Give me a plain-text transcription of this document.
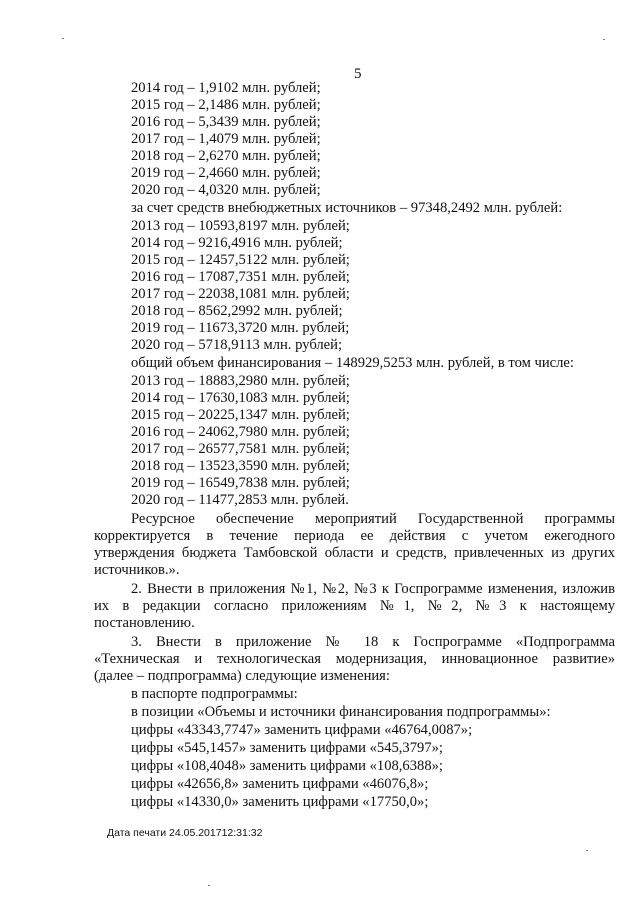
5
2014 год – 1,9102 млн. рублей;
2015 год – 2,1486 млн. рублей;
2016 год – 5,3439 млн. рублей;
2017 год – 1,4079 млн. рублей;
2018 год – 2,6270 млн. рублей;
2019 год – 2,4660 млн. рублей;
2020 год – 4,0320 млн. рублей;
за счет средств внебюджетных источников – 97348,2492 млн. рублей:
2013 год – 10593,8197 млн. рублей;
2014 год – 9216,4916 млн. рублей;
2015 год – 12457,5122 млн. рублей;
2016 год – 17087,7351 млн. рублей;
2017 год – 22038,1081 млн. рублей;
2018 год – 8562,2992 млн. рублей;
2019 год – 11673,3720 млн. рублей;
2020 год – 5718,9113 млн. рублей;
общий объем финансирования – 148929,5253 млн. рублей, в том числе:
2013 год – 18883,2980 млн. рублей;
2014 год – 17630,1083 млн. рублей;
2015 год – 20225,1347 млн. рублей;
2016 год – 24062,7980 млн. рублей;
2017 год – 26577,7581 млн. рублей;
2018 год – 13523,3590 млн. рублей;
2019 год – 16549,7838 млн. рублей;
2020 год – 11477,2853 млн. рублей.
Ресурсное обеспечение мероприятий Государственной программы
корректируется в течение периода ее действия с учетом ежегодного
утверждения бюджета Тамбовской области и средств, привлеченных из других
источников.».
2. Внести в приложения №1, №2, №3 к Госпрограмме изменения, изложив
их в редакции согласно приложениям №1, №2, №3 к настоящему
постановлению.
3. Внести в приложение № 18 к Госпрограмме «Подпрограмма
«Техническая и технологическая модернизация, инновационное развитие»
(далее – подпрограмма) следующие изменения:
в паспорте подпрограммы:
в позиции «Объемы и источники финансирования подпрограммы»:
цифры «43343,7747» заменить цифрами «46764,0087»;
цифры «545,1457» заменить цифрами «545,3797»;
цифры «108,4048» заменить цифрами «108,6388»;
цифры «42656,8» заменить цифрами «46076,8»;
цифры «14330,0» заменить цифрами «17750,0»;
Дата печати 24.05.201712:31:32
